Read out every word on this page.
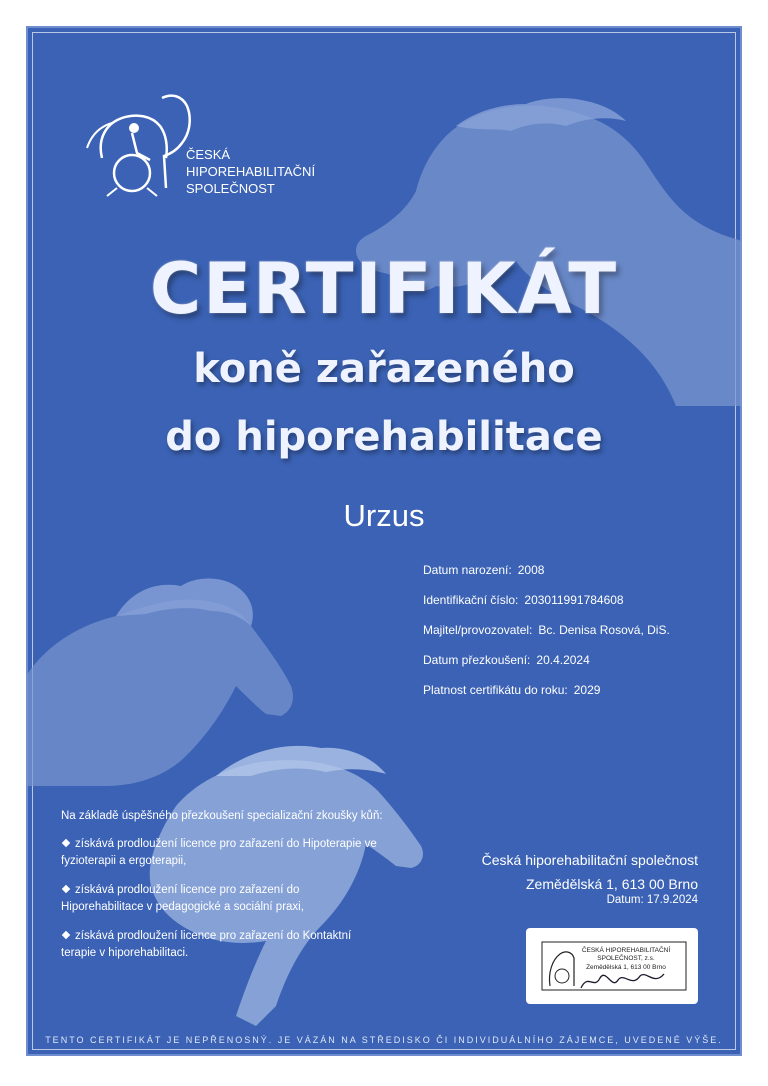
ČESKÁ
HIPOREHABILITAČNÍ
SPOLEČNOST
CERTIFIKÁT
koně zařazeného
do hiporehabilitace
Urzus
Datum narození: 2008
Identifikační číslo: 203011991784608
Majitel/provozovatel: Bc. Denisa Rosová, DiS.
Datum přezkoušení: 20.4.2024
Platnost certifikátu do roku: 2029
Na základě úspěšného přezkoušení specializační zkoušky kůň:
získává prodloužení licence pro zařazení do Hipoterapie ve
fyzioterapii a ergoterapii,
získává prodloužení licence pro zařazení do
Hiporehabilitace v pedagogické a sociální praxi,
získává prodloužení licence pro zařazení do Kontaktní
terapie v hiporehabilitaci.
Česká hiporehabilitační společnost
Zemědělská 1, 613 00 Brno
Datum: 17.9.2024
ČESKÁ HIPOREHABILITAČNÍ
SPOLEČNOST, z.s.
Zemědělská 1, 613 00 Brno
TENTO CERTIFIKÁT JE NEPŘENOSNÝ. JE VÁZÁN NA STŘEDISKO ČI INDIVIDUÁLNÍHO ZÁJEMCE, UVEDENÉ VÝŠE.
